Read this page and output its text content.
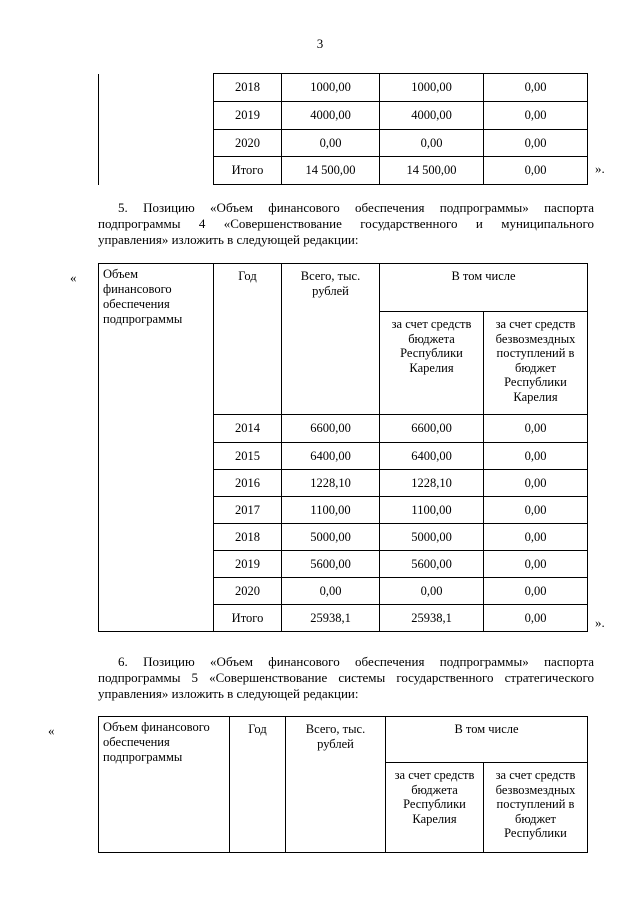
3
	2018	1000,00	1000,00	0,00
	2019	4000,00	4000,00	0,00
	2020	0,00	0,00	0,00
	Итого	14 500,00	14 500,00	0,00	».
5. Позицию «Объем финансового обеспечения подпрограммы» паспорта
подпрограммы 4 «Совершенствование государственного и муниципального
управления» изложить в следующей редакции:
« Объем финансового обеспечения подпрограммы	Год	Всего, тыс. рублей	В том числе	
			за счет средств бюджета Республики Карелия	за счет средств безвозмездных поступлений в бюджет Республики Карелия
	2014	6600,00	6600,00	0,00
	2015	6400,00	6400,00	0,00
	2016	1228,10	1228,10	0,00
	2017	1100,00	1100,00	0,00
	2018	5000,00	5000,00	0,00
	2019	5600,00	5600,00	0,00
	2020	0,00	0,00	0,00
	Итого	25938,1	25938,1	0,00	».
6. Позицию «Объем финансового обеспечения подпрограммы» паспорта
подпрограммы 5 «Совершенствование системы государственного стратегического
управления» изложить в следующей редакции:
«	Объем финансового обеспечения подпрограммы	Год	Всего, тыс. рублей	В том числе	
			за счет средств бюджета Республики Карелия	за счет средств безвозмездных поступлений в бюджет Республики
